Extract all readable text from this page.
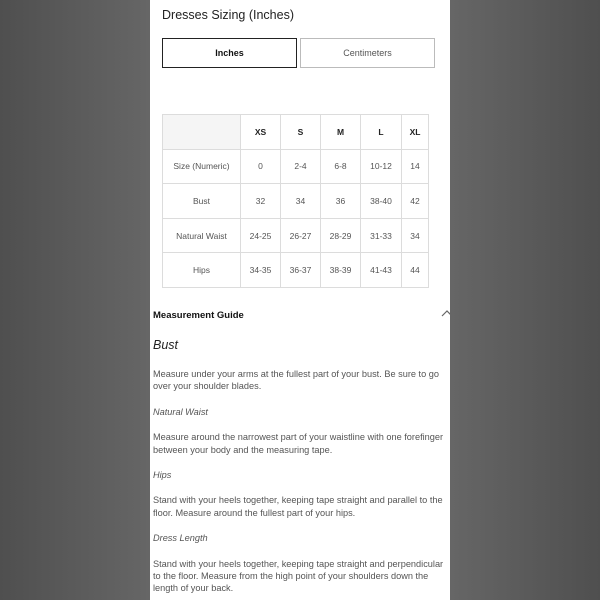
Dresses Sizing (Inches)
Inches	Centimeters
	XS	S	M	L	XL
Size (Numeric)	0	2-4	6-8	10-12	14
Bust	32	34	36	38-40	42
Natural Waist	24-25	26-27	28-29	31-33	34
Hips	34-35	36-37	38-39	41-43	44
Measurement Guide
Bust

Measure under your arms at the fullest part of your bust. Be sure to go over your shoulder blades.

Natural Waist

Measure around the narrowest part of your waistline with one forefinger between your body and the measuring tape.

Hips

Stand with your heels together, keeping tape straight and parallel to the floor. Measure around the fullest part of your hips.

Dress Length

Stand with your heels together, keeping tape straight and perpendicular to the floor. Measure from the high point of your shoulders down the length of your back.
